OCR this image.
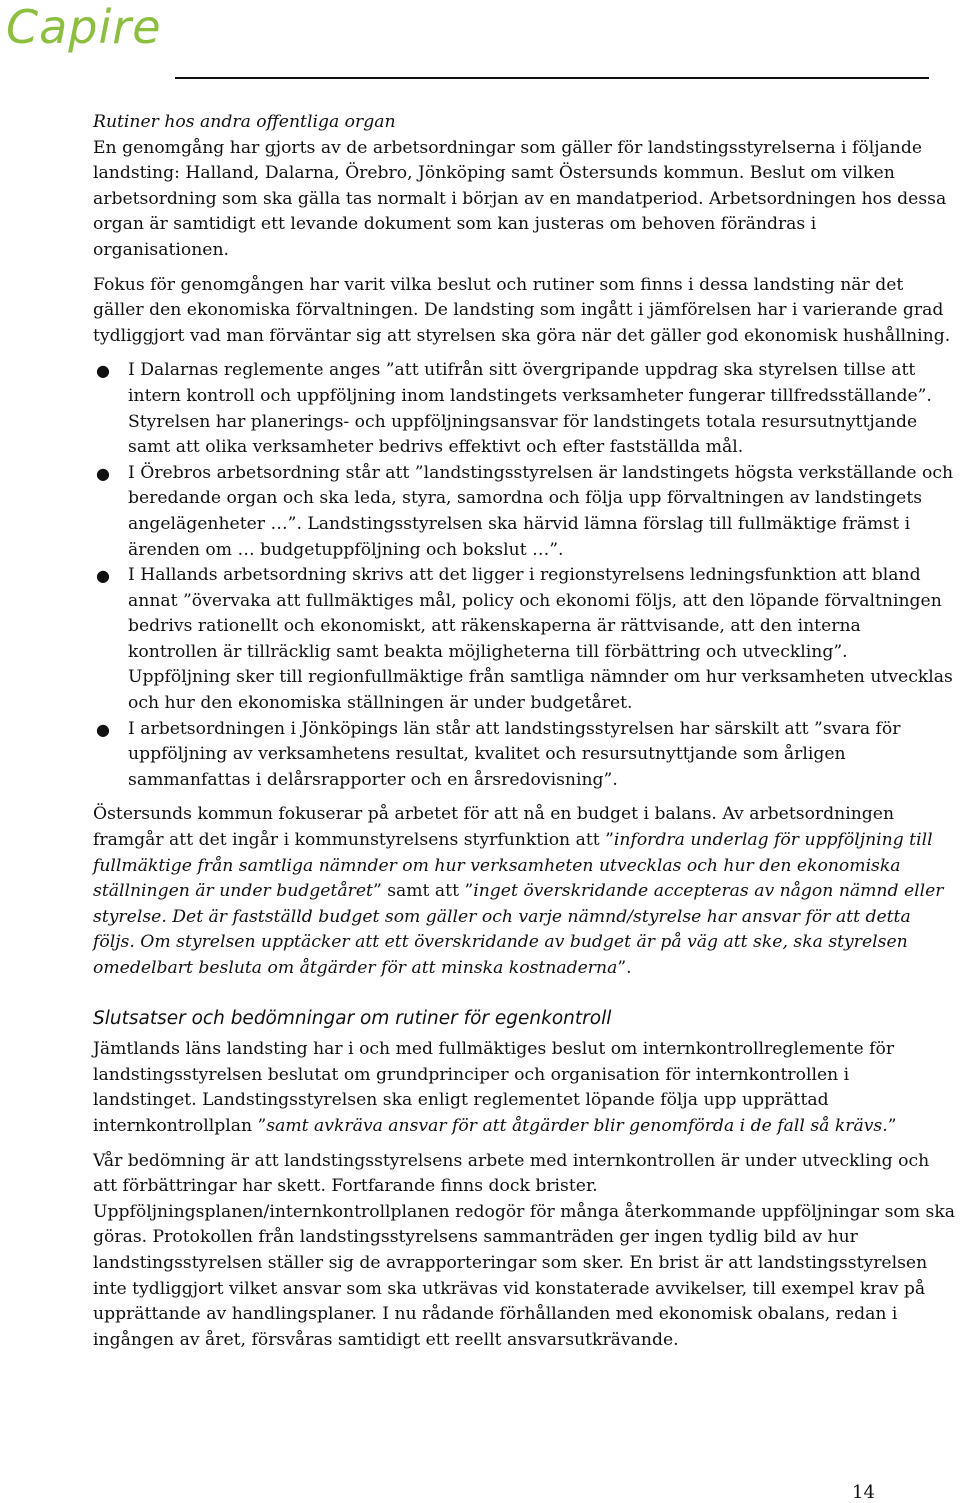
Capire
Rutiner hos andra offentliga organ

En genomgång har gjorts av de arbetsordningar som gäller för landstingsstyrelserna i följande landsting: Halland, Dalarna, Örebro, Jönköping samt Östersunds kommun. Beslut om vilken arbetsordning som ska gälla tas normalt i början av en mandatperiod. Arbetsordningen hos dessa organ är samtidigt ett levande dokument som kan justeras om behoven förändras i organisationen.

Fokus för genomgången har varit vilka beslut och rutiner som finns i dessa landsting när det gäller den ekonomiska förvaltningen. De landsting som ingått i jämförelsen har i varierande grad tydliggjort vad man förväntar sig att styrelsen ska göra när det gäller god ekonomisk hushållning.

● I Dalarnas reglemente anges ”att utifrån sitt övergripande uppdrag ska styrelsen tillse att intern kontroll och uppföljning inom landstingets verksamheter fungerar tillfredsställande”. Styrelsen har planerings- och uppföljningsansvar för landstingets totala resursutnyttjande samt att olika verksamheter bedrivs effektivt och efter fastställda mål.
● I Örebros arbetsordning står att ”landstingsstyrelsen är landstingets högsta verkställande och beredande organ och ska leda, styra, samordna och följa upp förvaltningen av landstingets angelägenheter …”. Landstingsstyrelsen ska härvid lämna förslag till fullmäktige främst i ärenden om … budgetuppföljning och bokslut …”.
● I Hallands arbetsordning skrivs att det ligger i regionstyrelsens ledningsfunktion att bland annat ”övervaka att fullmäktiges mål, policy och ekonomi följs, att den löpande förvaltningen bedrivs rationellt och ekonomiskt, att räkenskaperna är rättvisande, att den interna kontrollen är tillräcklig samt beakta möjligheterna till förbättring och utveckling”. Uppföljning sker till regionfullmäktige från samtliga nämnder om hur verksamheten utvecklas och hur den ekonomiska ställningen är under budgetåret.
● I arbetsordningen i Jönköpings län står att landstingsstyrelsen har särskilt att ”svara för uppföljning av verksamhetens resultat, kvalitet och resursutnyttjande som årligen sammanfattas i delårsrapporter och en årsredovisning”.

Östersunds kommun fokuserar på arbetet för att nå en budget i balans. Av arbetsordningen framgår att det ingår i kommunstyrelsens styrfunktion att ”infordra underlag för uppföljning till fullmäktige från samtliga nämnder om hur verksamheten utvecklas och hur den ekonomiska ställningen är under budgetåret” samt att ”inget överskridande accepteras av någon nämnd eller styrelse. Det är fastställd budget som gäller och varje nämnd/styrelse har ansvar för att detta följs. Om styrelsen upptäcker att ett överskridande av budget är på väg att ske, ska styrelsen omedelbart besluta om åtgärder för att minska kostnaderna”.

Slutsatser och bedömningar om rutiner för egenkontroll

Jämtlands läns landsting har i och med fullmäktiges beslut om internkontrollreglemente för landstingsstyrelsen beslutat om grundprinciper och organisation för internkontrollen i landstinget. Landstingsstyrelsen ska enligt reglementet löpande följa upp upprättad internkontrollplan ”samt avkräva ansvar för att åtgärder blir genomförda i de fall så krävs.”

Vår bedömning är att landstingsstyrelsens arbete med internkontrollen är under utveckling och att förbättringar har skett. Fortfarande finns dock brister. Uppföljningsplanen/internkontrollplanen redogör för många återkommande uppföljningar som ska göras. Protokollen från landstingsstyrelsens sammanträden ger ingen tydlig bild av hur landstingsstyrelsen ställer sig de avrapporteringar som sker. En brist är att landstingsstyrelsen inte tydliggjort vilket ansvar som ska utkrävas vid konstaterade avvikelser, till exempel krav på upprättande av handlingsplaner. I nu rådande förhållanden med ekonomisk obalans, redan i ingången av året, försvåras samtidigt ett reellt ansvarsutkrävande.

14
